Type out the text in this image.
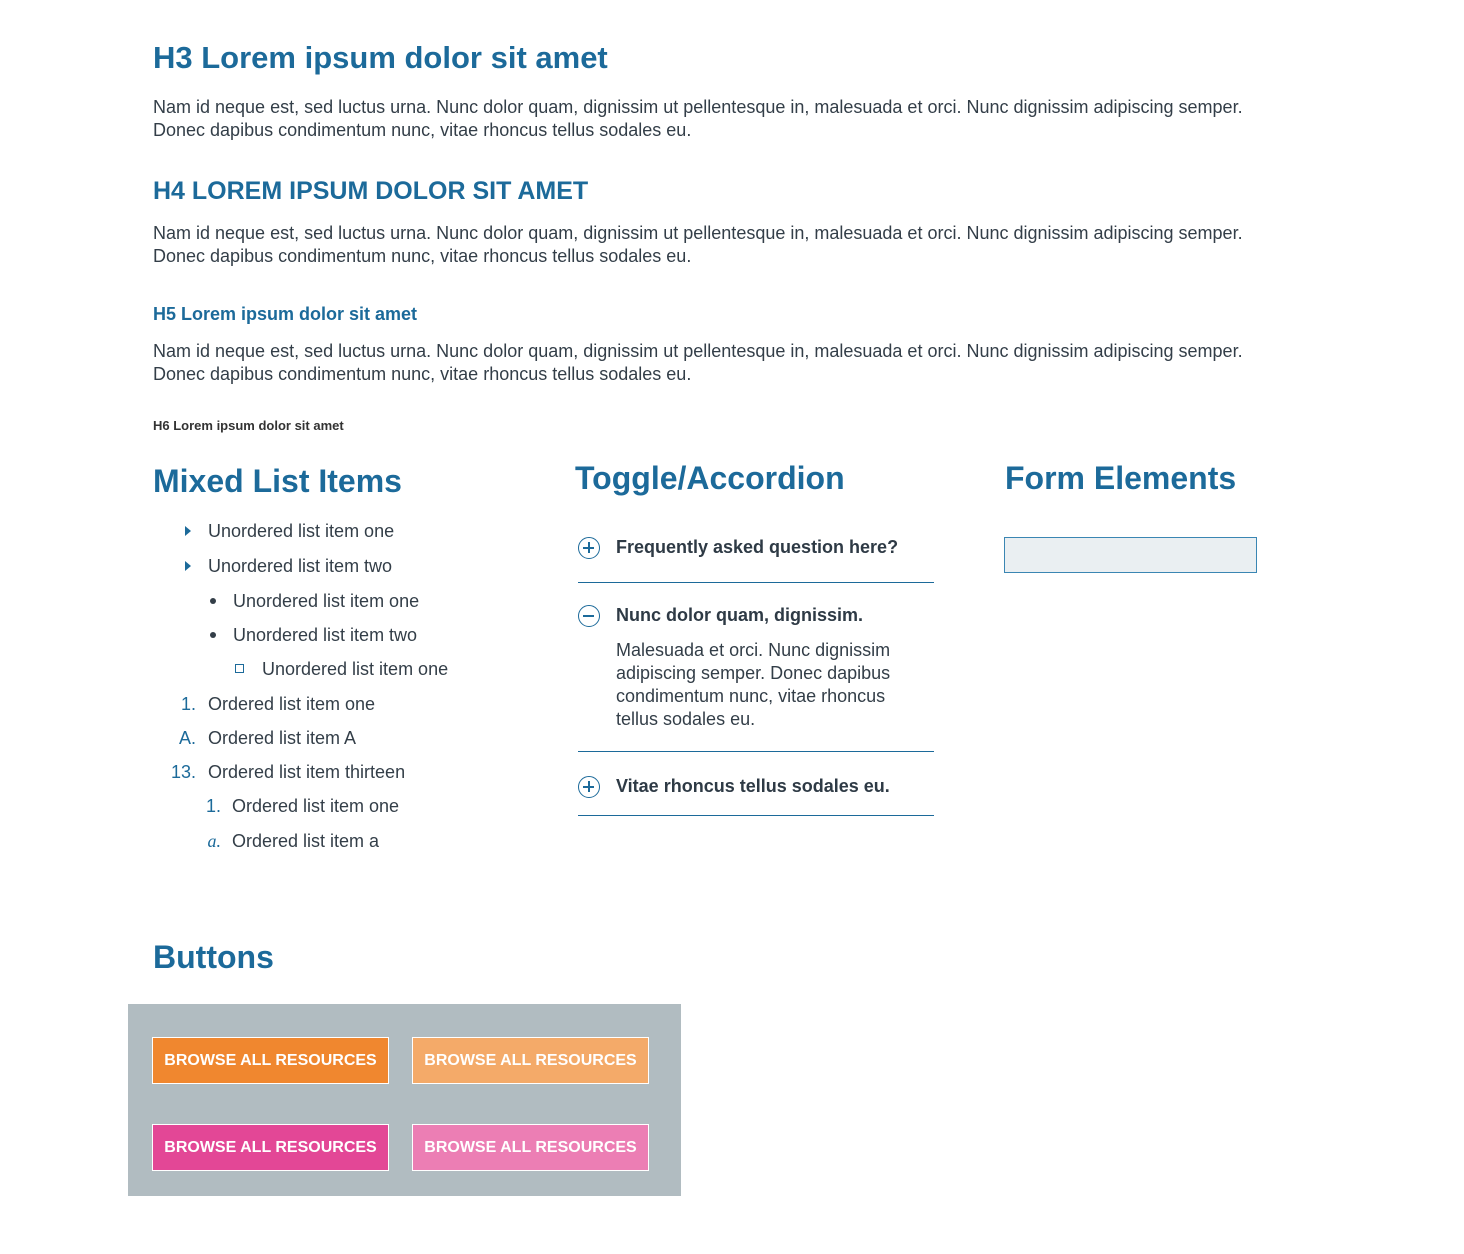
H3 Lorem ipsum dolor sit amet
Nam id neque est, sed luctus urna. Nunc dolor quam, dignissim ut pellentesque in, malesuada et orci. Nunc dignissim adipiscing semper.
Donec dapibus condimentum nunc, vitae rhoncus tellus sodales eu.
H4 LOREM IPSUM DOLOR SIT AMET
Nam id neque est, sed luctus urna. Nunc dolor quam, dignissim ut pellentesque in, malesuada et orci. Nunc dignissim adipiscing semper.
Donec dapibus condimentum nunc, vitae rhoncus tellus sodales eu.
H5 Lorem ipsum dolor sit amet
Nam id neque est, sed luctus urna. Nunc dolor quam, dignissim ut pellentesque in, malesuada et orci. Nunc dignissim adipiscing semper.
Donec dapibus condimentum nunc, vitae rhoncus tellus sodales eu.
H6 Lorem ipsum dolor sit amet
Mixed List Items
Unordered list item one
Unordered list item two
Unordered list item one
Unordered list item two
Unordered list item one
1. Ordered list item one
A. Ordered list item A
13. Ordered list item thirteen
1. Ordered list item one
a. Ordered list item a
Toggle/Accordion
Frequently asked question here?
Nunc dolor quam, dignissim.

Malesuada et orci. Nunc dignissim adipiscing semper. Donec dapibus condimentum nunc, vitae rhoncus tellus sodales eu.

Vitae rhoncus tellus sodales eu.
Form Elements
Buttons
BROWSE ALL RESOURCES	BROWSE ALL RESOURCES
BROWSE ALL RESOURCES	BROWSE ALL RESOURCES
